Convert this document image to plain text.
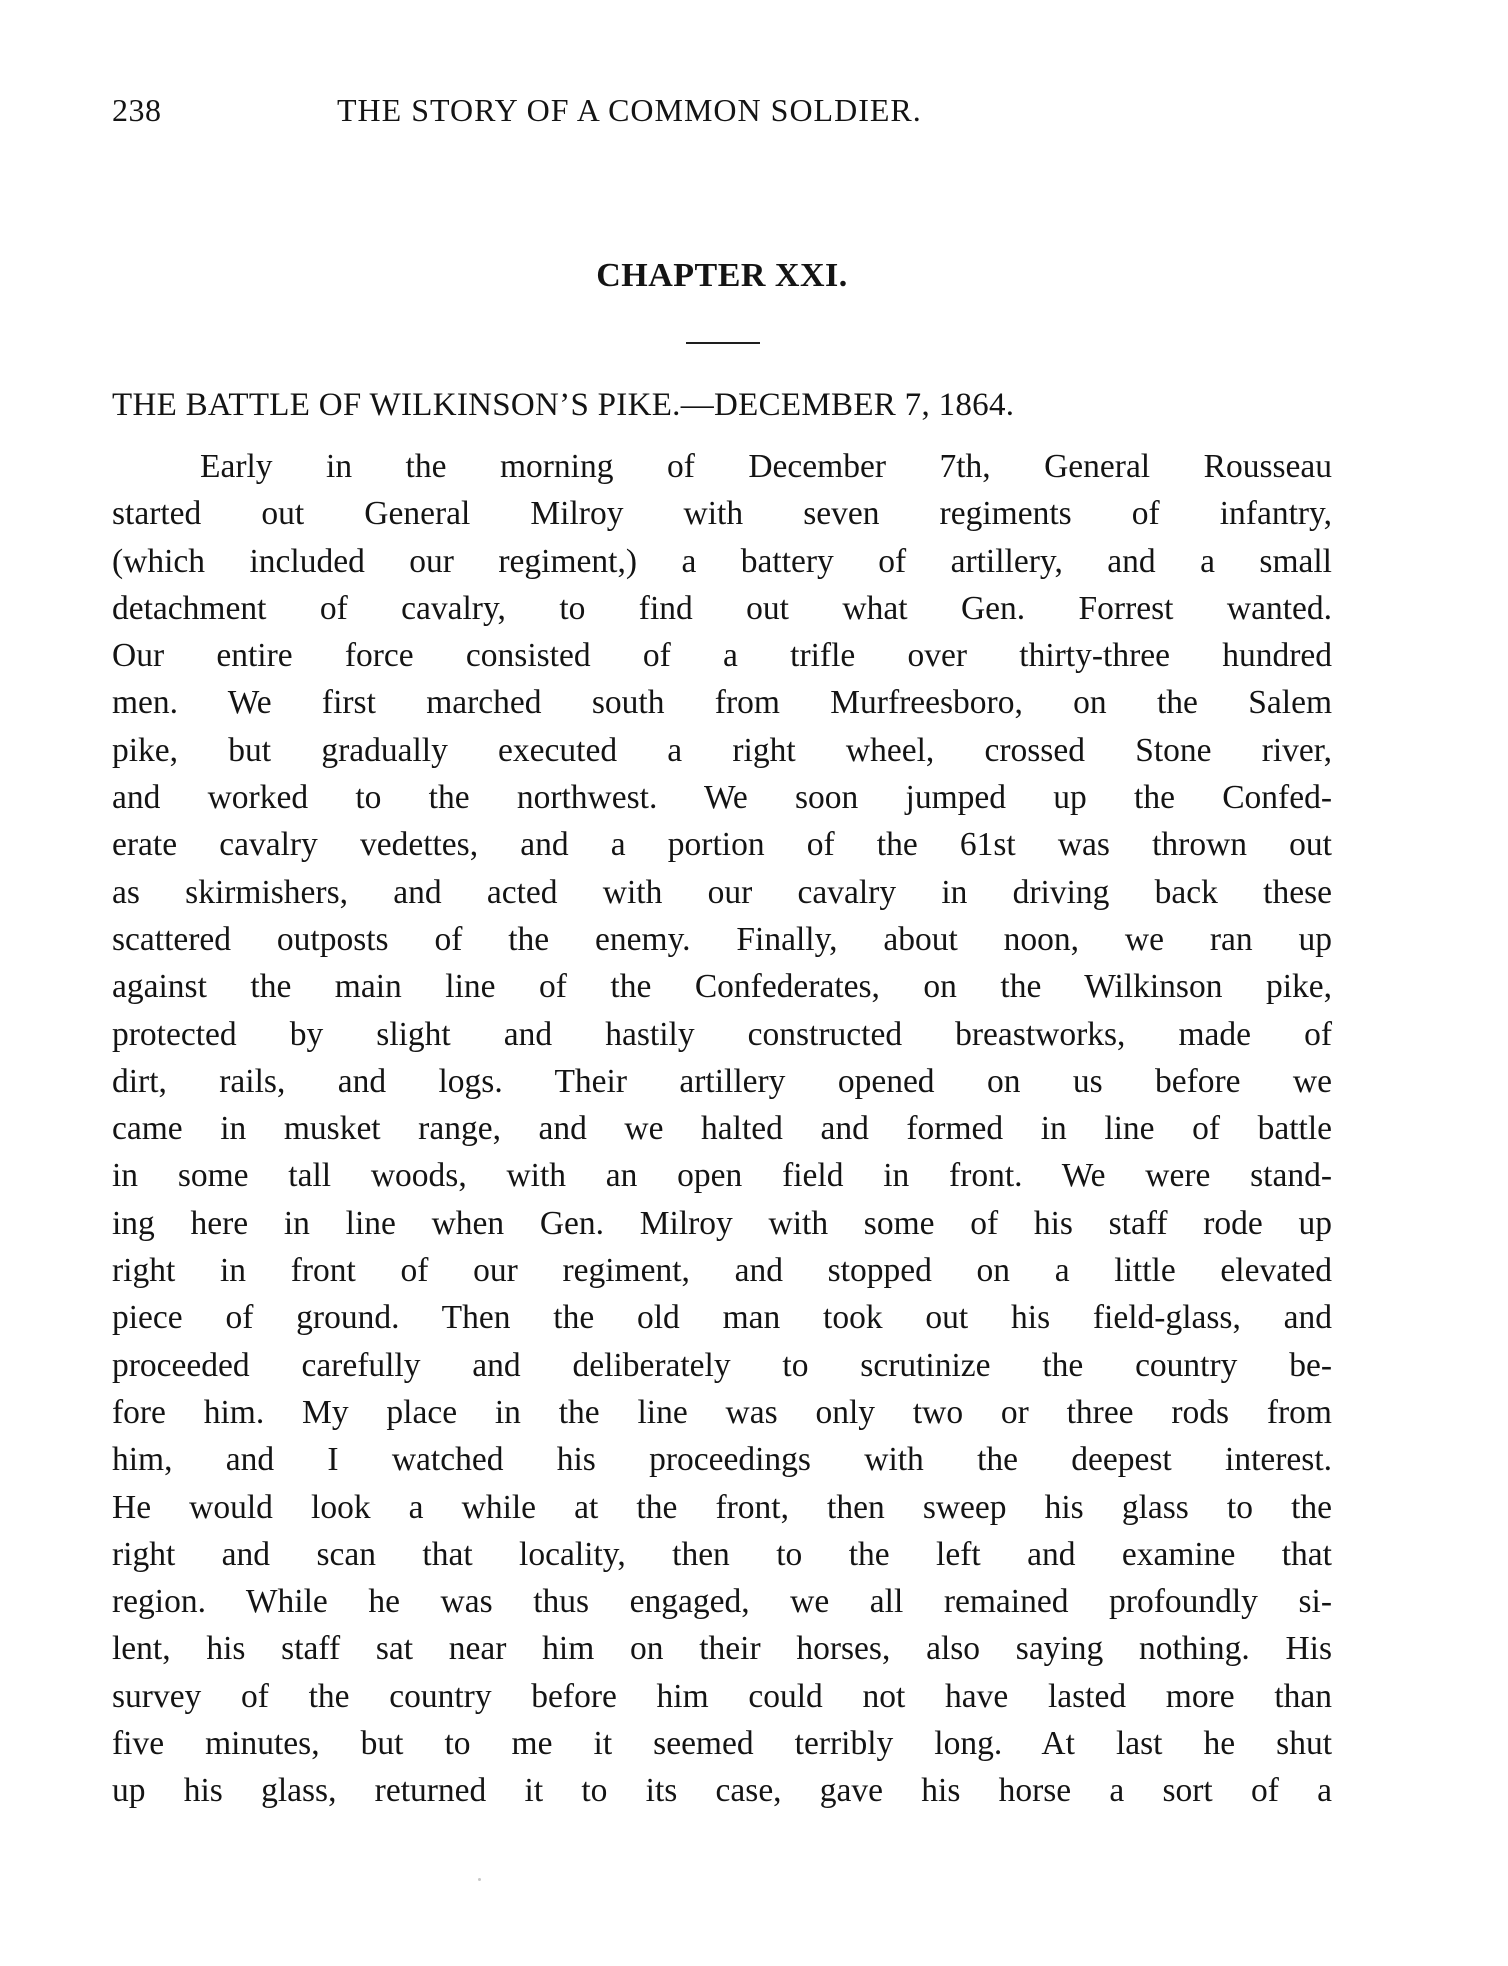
238	THE STORY OF A COMMON SOLDIER.
CHAPTER XXI.
THE BATTLE OF WILKINSON’S PIKE.—DECEMBER 7, 1864.
Early in the morning of December 7th, General Rousseau
started out General Milroy with seven regiments of infantry,
(which included our regiment,) a battery of artillery, and a small
detachment of cavalry, to find out what Gen. Forrest wanted.
Our entire force consisted of a trifle over thirty-three hundred
men. We first marched south from Murfreesboro, on the Salem
pike, but gradually executed a right wheel, crossed Stone river,
and worked to the northwest. We soon jumped up the Confed-
erate cavalry vedettes, and a portion of the 61st was thrown out
as skirmishers, and acted with our cavalry in driving back these
scattered outposts of the enemy. Finally, about noon, we ran up
against the main line of the Confederates, on the Wilkinson pike,
protected by slight and hastily constructed breastworks, made of
dirt, rails, and logs. Their artillery opened on us before we
came in musket range, and we halted and formed in line of battle
in some tall woods, with an open field in front. We were stand-
ing here in line when Gen. Milroy with some of his staff rode up
right in front of our regiment, and stopped on a little elevated
piece of ground. Then the old man took out his field-glass, and
proceeded carefully and deliberately to scrutinize the country be-
fore him. My place in the line was only two or three rods from
him, and I watched his proceedings with the deepest interest.
He would look a while at the front, then sweep his glass to the
right and scan that locality, then to the left and examine that
region. While he was thus engaged, we all remained profoundly si-
lent, his staff sat near him on their horses, also saying nothing. His
survey of the country before him could not have lasted more than
five minutes, but to me it seemed terribly long. At last he shut
up his glass, returned it to its case, gave his horse a sort of a
